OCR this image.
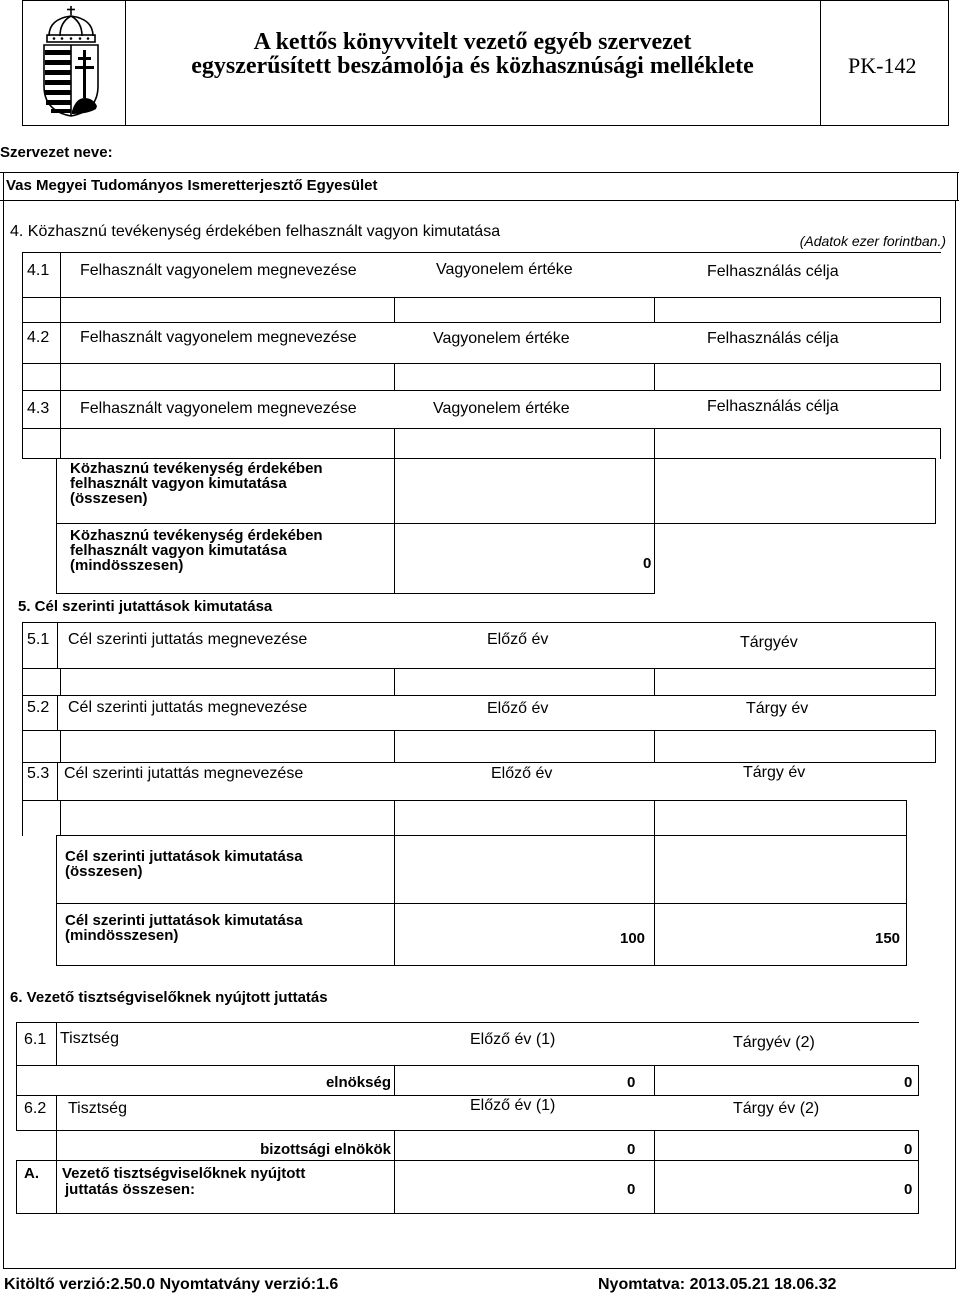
A kettős könyvvitelt vezető egyéb szervezet
egyszerűsített beszámolója és közhasznúsági melléklete	PK-142
Szervezet neve:
Vas Megyei Tudományos Ismeretterjesztő Egyesület
4. Közhasznú tevékenység érdekében felhasznált vagyon kimutatása
(Adatok ezer forintban.)
4.1 Felhasznált vagyonelem megnevezése	Vagyonelem értéke	Felhasználás célja
4.2 Felhasznált vagyonelem megnevezése	Vagyonelem értéke	Felhasználás célja
4.3 Felhasznált vagyonelem megnevezése	Vagyonelem értéke	Felhasználás célja
Közhasznú tevékenység érdekében
felhasznált vagyon kimutatása
(összesen)
Közhasznú tevékenység érdekében
felhasznált vagyon kimutatása
(mindösszesen)	0
5. Cél szerinti jutattások kimutatása
5.1 Cél szerinti juttatás megnevezése	Előző év	Tárgyév
5.2 Cél szerinti juttatás megnevezése	Előző év	Tárgy év
5.3 Cél szerinti jutattás megnevezése	Előző év	Tárgy év
Cél szerinti juttatások kimutatása
(összesen)
Cél szerinti juttatások kimutatása
(mindösszesen)	100	150
6. Vezető tisztségviselőknek nyújtott juttatás
6.1 Tisztség	Előző év (1)	Tárgyév (2)
elnökség	0	0
6.2 Tisztség	Előző év (1)	Tárgy év (2)
bizottsági elnökök	0	0
A. Vezető tisztségviselőknek nyújtott
juttatás összesen:	0	0
Kitöltő verzió:2.50.0 Nyomtatvány verzió:1.6	Nyomtatva: 2013.05.21 18.06.32
